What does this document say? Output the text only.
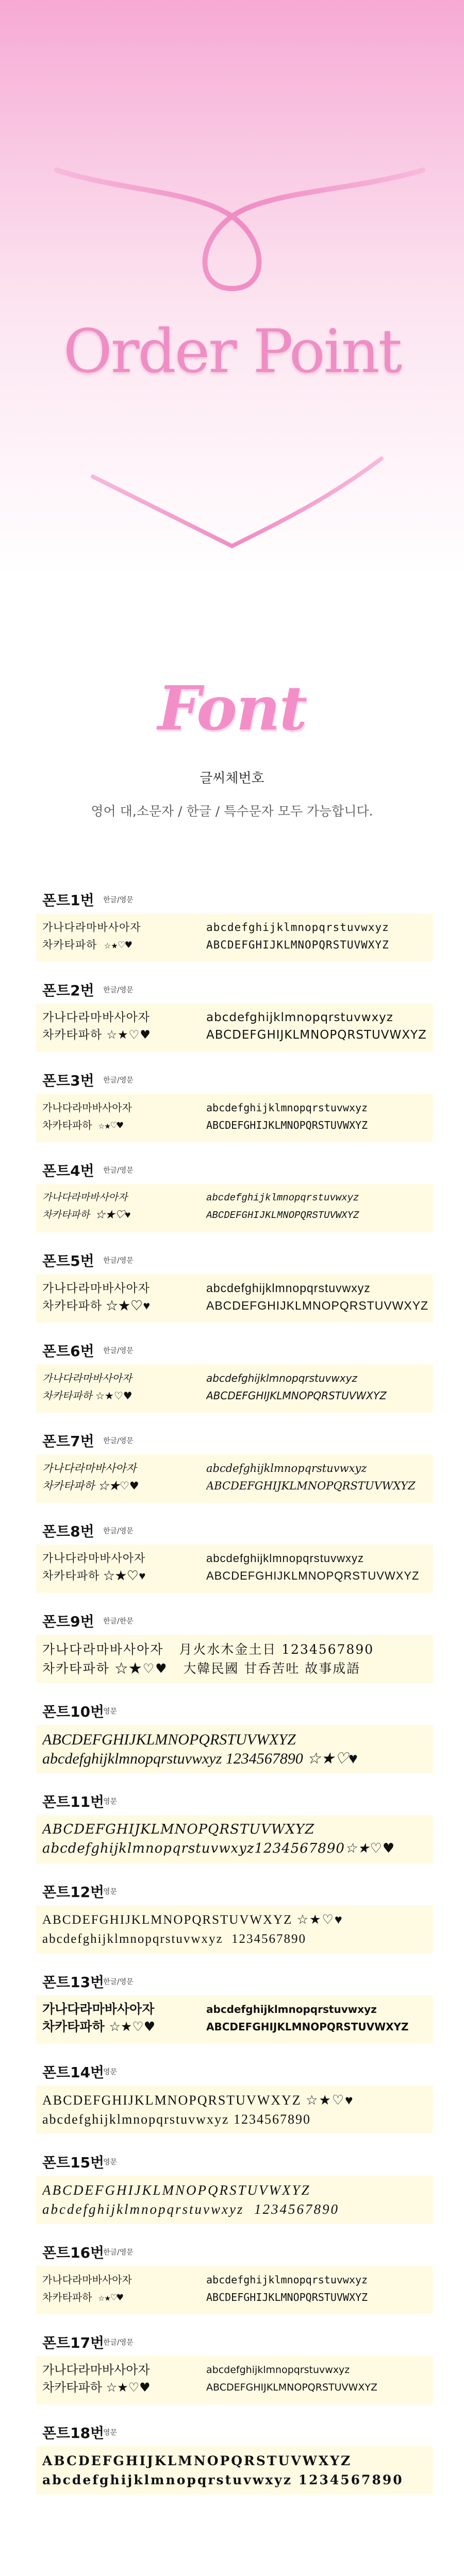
Order Point
Font
글씨체번호
영어 대,소문자 / 한글 / 특수문자 모두 가능합니다.
폰트1번 한글/영문
가나다라마바사아자
차카타파하 ☆★♡♥
abcdefghijklmnopqrstuvwxyz
ABCDEFGHIJKLMNOPQRSTUVWXYZ
폰트2번 한글/영문
가나다라마바사아자
차카타파하 ☆★♡♥
abcdefghijklmnopqrstuvwxyz
ABCDEFGHIJKLMNOPQRSTUVWXYZ
폰트3번 한글/영문
가나다라마바사아자
차카타파하 ☆★♡♥
abcdefghijklmnopqrstuvwxyz
ABCDEFGHIJKLMNOPQRSTUVWXYZ
폰트4번 한글/영문
가나다라마바사아자
차카타파하 ☆★♡♥
abcdefghijklmnopqrstuvwxyz
ABCDEFGHIJKLMNOPQRSTUVWXYZ
폰트5번 한글/영문
가나다라마바사아자
차카타파하 ☆★♡♥
abcdefghijklmnopqrstuvwxyz
ABCDEFGHIJKLMNOPQRSTUVWXYZ
폰트6번 한글/영문
가나다라마바사아자
차카타파하 ☆★♡♥
abcdefghijklmnopqrstuvwxyz
ABCDEFGHIJKLMNOPQRSTUVWXYZ
폰트7번 한글/영문
가나다라마바사아자
차카타파하 ☆★♡♥
abcdefghijklmnopqrstuvwxyz
ABCDEFGHIJKLMNOPQRSTUVWXYZ
폰트8번 한글/영문
가나다라마바사아자
차카타파하 ☆★♡♥
abcdefghijklmnopqrstuvwxyz
ABCDEFGHIJKLMNOPQRSTUVWXYZ
폰트9번 한글/한문
가나다라마바사아자   月火水木金土日 1234567890
차카타파하 ☆★♡♥   大韓民國 甘呑苦吐 故事成語
폰트10번
영문
ABCDEFGHIJKLMNOPQRSTUVWXYZ
abcdefghijklmnopqrstuvwxyz 1234567890 ☆★♡♥
폰트11번
영문
ABCDEFGHIJKLMNOPQRSTUVWXYZ
abcdefghijklmnopqrstuvwxyz1234567890☆★♡♥
폰트12번
영문
ABCDEFGHIJKLMNOPQRSTUVWXYZ ☆★♡♥
abcdefghijklmnopqrstuvwxyz  1234567890
폰트13번
한글/영문
가나다라마바사아자
차카타파하 ☆★♡♥
abcdefghijklmnopqrstuvwxyz
ABCDEFGHIJKLMNOPQRSTUVWXYZ
폰트14번
영문
ABCDEFGHIJKLMNOPQRSTUVWXYZ ☆★♡♥
abcdefghijklmnopqrstuvwxyz 1234567890
폰트15번
영문
ABCDEFGHIJKLMNOPQRSTUVWXYZ
abcdefghijklmnopqrstuvwxyz  1234567890
폰트16번
한글/영문
가나다라마바사아자
차카타파하 ☆★♡♥
abcdefghijklmnopqrstuvwxyz
ABCDEFGHIJKLMNOPQRSTUVWXYZ
폰트17번
한글/영문
가나다라마바사아자
차카타파하 ☆★♡♥
abcdefghijklmnopqrstuvwxyz
ABCDEFGHIJKLMNOPQRSTUVWXYZ
폰트18번
영문
ABCDEFGHIJKLMNOPQRSTUVWXYZ
abcdefghijklmnopqrstuvwxyz 1234567890
